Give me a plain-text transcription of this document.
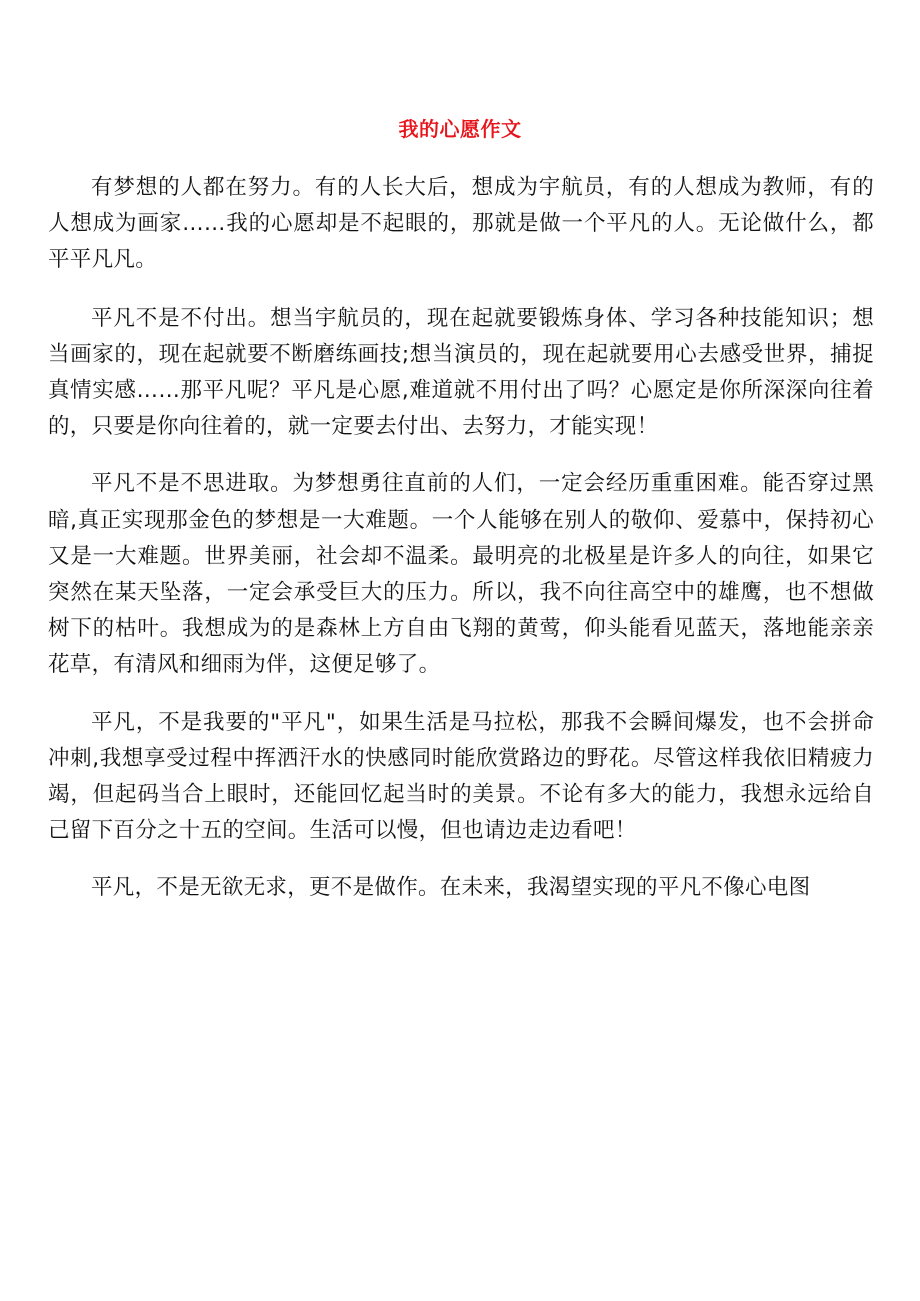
我的心愿作文

有梦想的人都在努力。有的人长大后，想成为宇航员，有的人想成为教师，有的人想成为画家……我的心愿却是不起眼的，那就是做一个平凡的人。无论做什么，都平平凡凡。

平凡不是不付出。想当宇航员的，现在起就要锻炼身体、学习各种技能知识；想当画家的，现在起就要不断磨练画技;想当演员的，现在起就要用心去感受世界，捕捉真情实感……那平凡呢？平凡是心愿,难道就不用付出了吗？心愿定是你所深深向往着的，只要是你向往着的，就一定要去付出、去努力，才能实现！

平凡不是不思进取。为梦想勇往直前的人们，一定会经历重重困难。能否穿过黑暗,真正实现那金色的梦想是一大难题。一个人能够在别人的敬仰、爱慕中，保持初心又是一大难题。世界美丽，社会却不温柔。最明亮的北极星是许多人的向往，如果它突然在某天坠落，一定会承受巨大的压力。所以，我不向往高空中的雄鹰，也不想做树下的枯叶。我想成为的是森林上方自由飞翔的黄莺，仰头能看见蓝天，落地能亲亲花草，有清风和细雨为伴，这便足够了。

平凡，不是我要的"平凡"，如果生活是马拉松，那我不会瞬间爆发，也不会拼命冲刺,我想享受过程中挥洒汗水的快感同时能欣赏路边的野花。尽管这样我依旧精疲力竭，但起码当合上眼时，还能回忆起当时的美景。不论有多大的能力，我想永远给自己留下百分之十五的空间。生活可以慢，但也请边走边看吧！

平凡，不是无欲无求，更不是做作。在未来，我渴望实现的平凡不像心电图
